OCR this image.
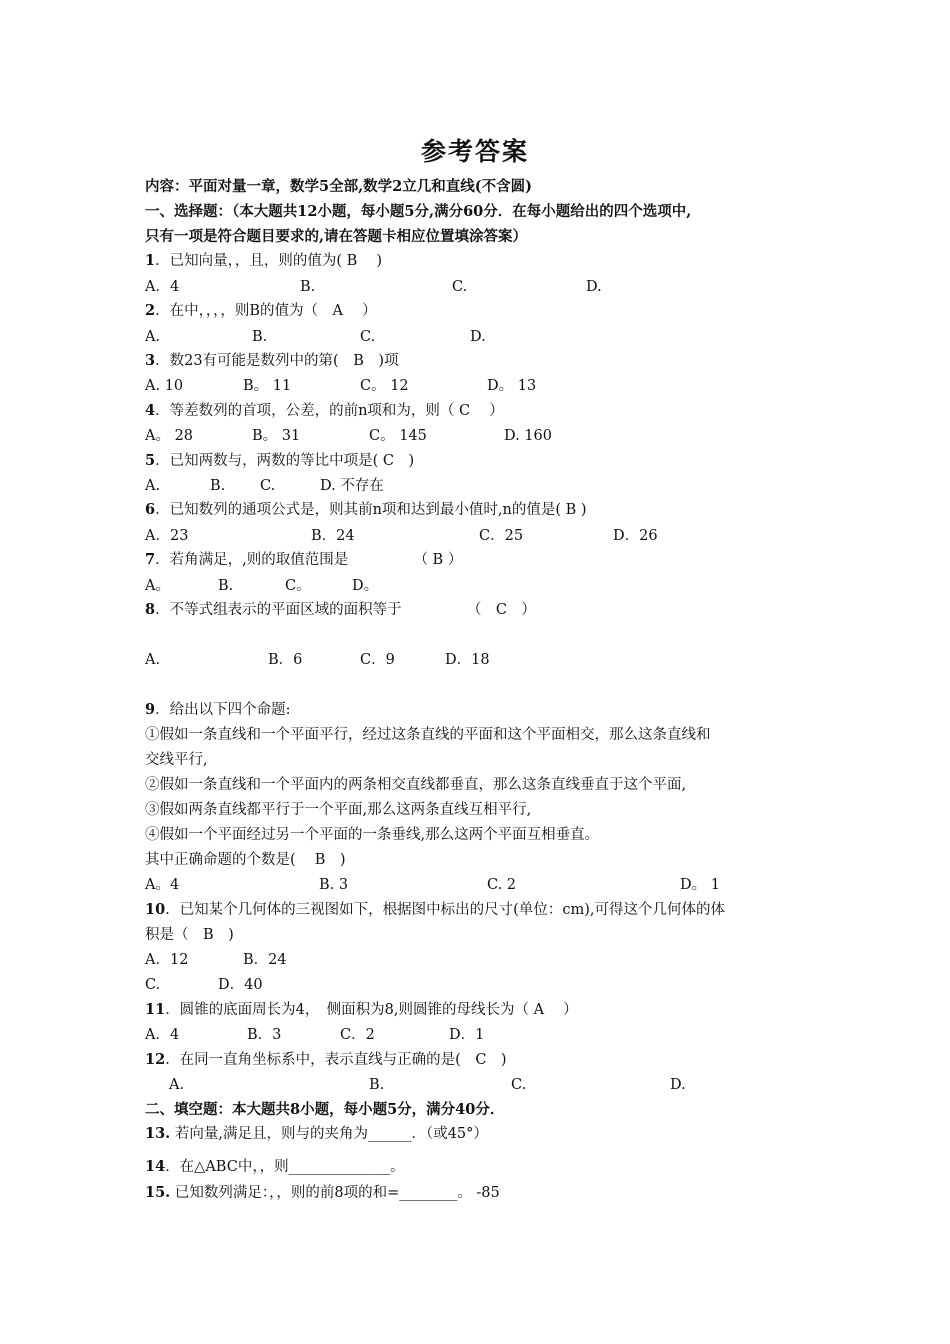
参考答案
内容：平面对量一章，数学5全部,数学2立几和直线(不含圆)
一、选择题：（本大题共12小题，每小题5分,满分60分．在每小题给出的四个选项中,
只有一项是符合题目要求的,请在答题卡相应位置填涂答案）
1．已知向量，，且，则的值为( B　 )
A．4	B.	C.	D.
2．在中，，，，则B的值为（　A　 ）
A.	B.	C.	D.
3．数23有可能是数列中的第(　B　)项
A. 10	B。 11	C。 12	D。 13
4．等差数列的首项，公差，的前n项和为，则（ C　 ）
A。 28	B。 31	C。 145	D. 160
5．已知两数与，两数的等比中项是( C　)
A.	B. C.	D. 不存在
6．已知数列的通项公式是，则其前n项和达到最小值时,n的值是( B )
A．23	B．24	C．25	D．26
7．若角满足，,则的取值范围是　　　　　（ B ）
A。	B.	C。	D。
8．不等式组表示的平面区域的面积等于　　　　　（　C　）
A.	B．6	C．9	D．18
9．给出以下四个命题:
①假如一条直线和一个平面平行，经过这条直线的平面和这个平面相交，那么这条直线和
交线平行,
②假如一条直线和一个平面内的两条相交直线都垂直，那么这条直线垂直于这个平面,
③假如两条直线都平行于一个平面,那么这两条直线互相平行,
④假如一个平面经过另一个平面的一条垂线,那么这两个平面互相垂直。
其中正确命题的个数是(　 B　)
A。4	B. 3	C. 2	D。 1
10．已知某个几何体的三视图如下，根据图中标出的尺寸(单位：cm),可得这个几何体的体
积是（　B　)
A．12	B．24
C.	D．40
11．圆锥的底面周长为4，　侧面积为8,则圆锥的母线长为（ A　 ）
A．4	B．3	C．2	D．1
12．在同一直角坐标系中，表示直线与正确的是(　C　)
A.	B.	C.	D.
二、填空题：本大题共8小题，每小题5分，满分40分．
13. 若向量,满足且，则与的夹角为______．（或45°）
14．在△ABC中，，则______________。
15. 已知数列满足：，，则的前8项的和=________。 -85
